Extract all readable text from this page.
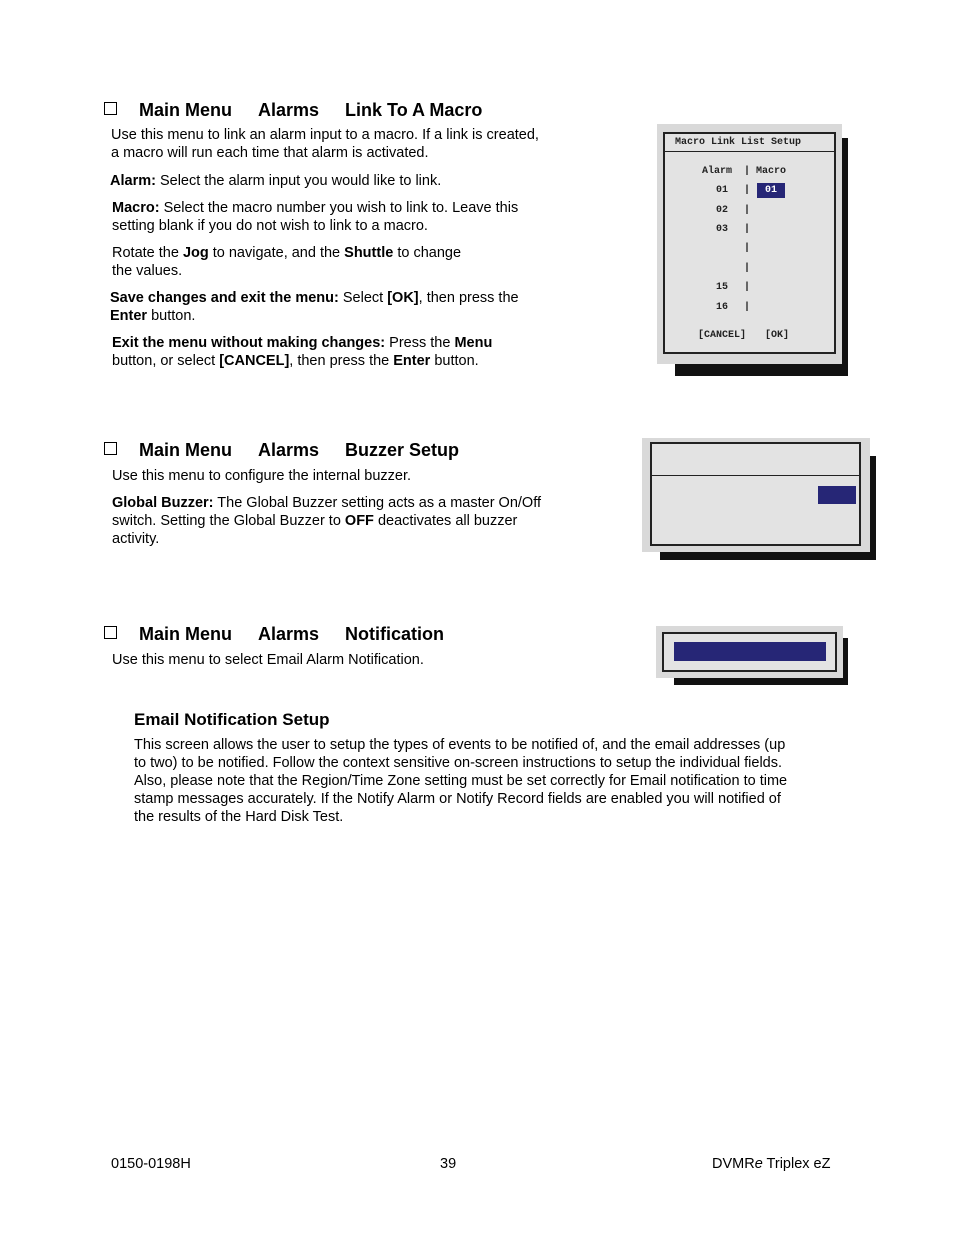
Main Menu Alarms Link To A Macro
Use this menu to link an alarm input to a macro. If a link is created,
a macro will run each time that alarm is activated.
Alarm: Select the alarm input you would like to link.
Macro: Select the macro number you wish to link to. Leave this
setting blank if you do not wish to link to a macro.
Rotate the Jog to navigate, and the Shuttle to change
the values.
Save changes and exit the menu: Select [OK], then press the
Enter button.
Exit the menu without making changes: Press the Menu
button, or select [CANCEL], then press the Enter button.
Macro Link List Setup
Alarm | Macro
01 |	01
02 |
03 |
|
|
15 |
16 |
[CANCEL] [OK]
Main Menu Alarms Buzzer Setup
Use this menu to configure the internal buzzer.
Global Buzzer: The Global Buzzer setting acts as a master On/Off
switch. Setting the Global Buzzer to OFF deactivates all buzzer
activity.
Main Menu Alarms Notification
Use this menu to select Email Alarm Notification.
Email Notification Setup
This screen allows the user to setup the types of events to be notified of, and the email addresses (up
to two) to be notified. Follow the context sensitive on-screen instructions to setup the individual fields.
Also, please note that the Region/Time Zone setting must be set correctly for Email notification to time
stamp messages accurately. If the Notify Alarm or Notify Record fields are enabled you will notified of
the results of the Hard Disk Test.
0150-0198H	39	DVMRe Triplex eZ
